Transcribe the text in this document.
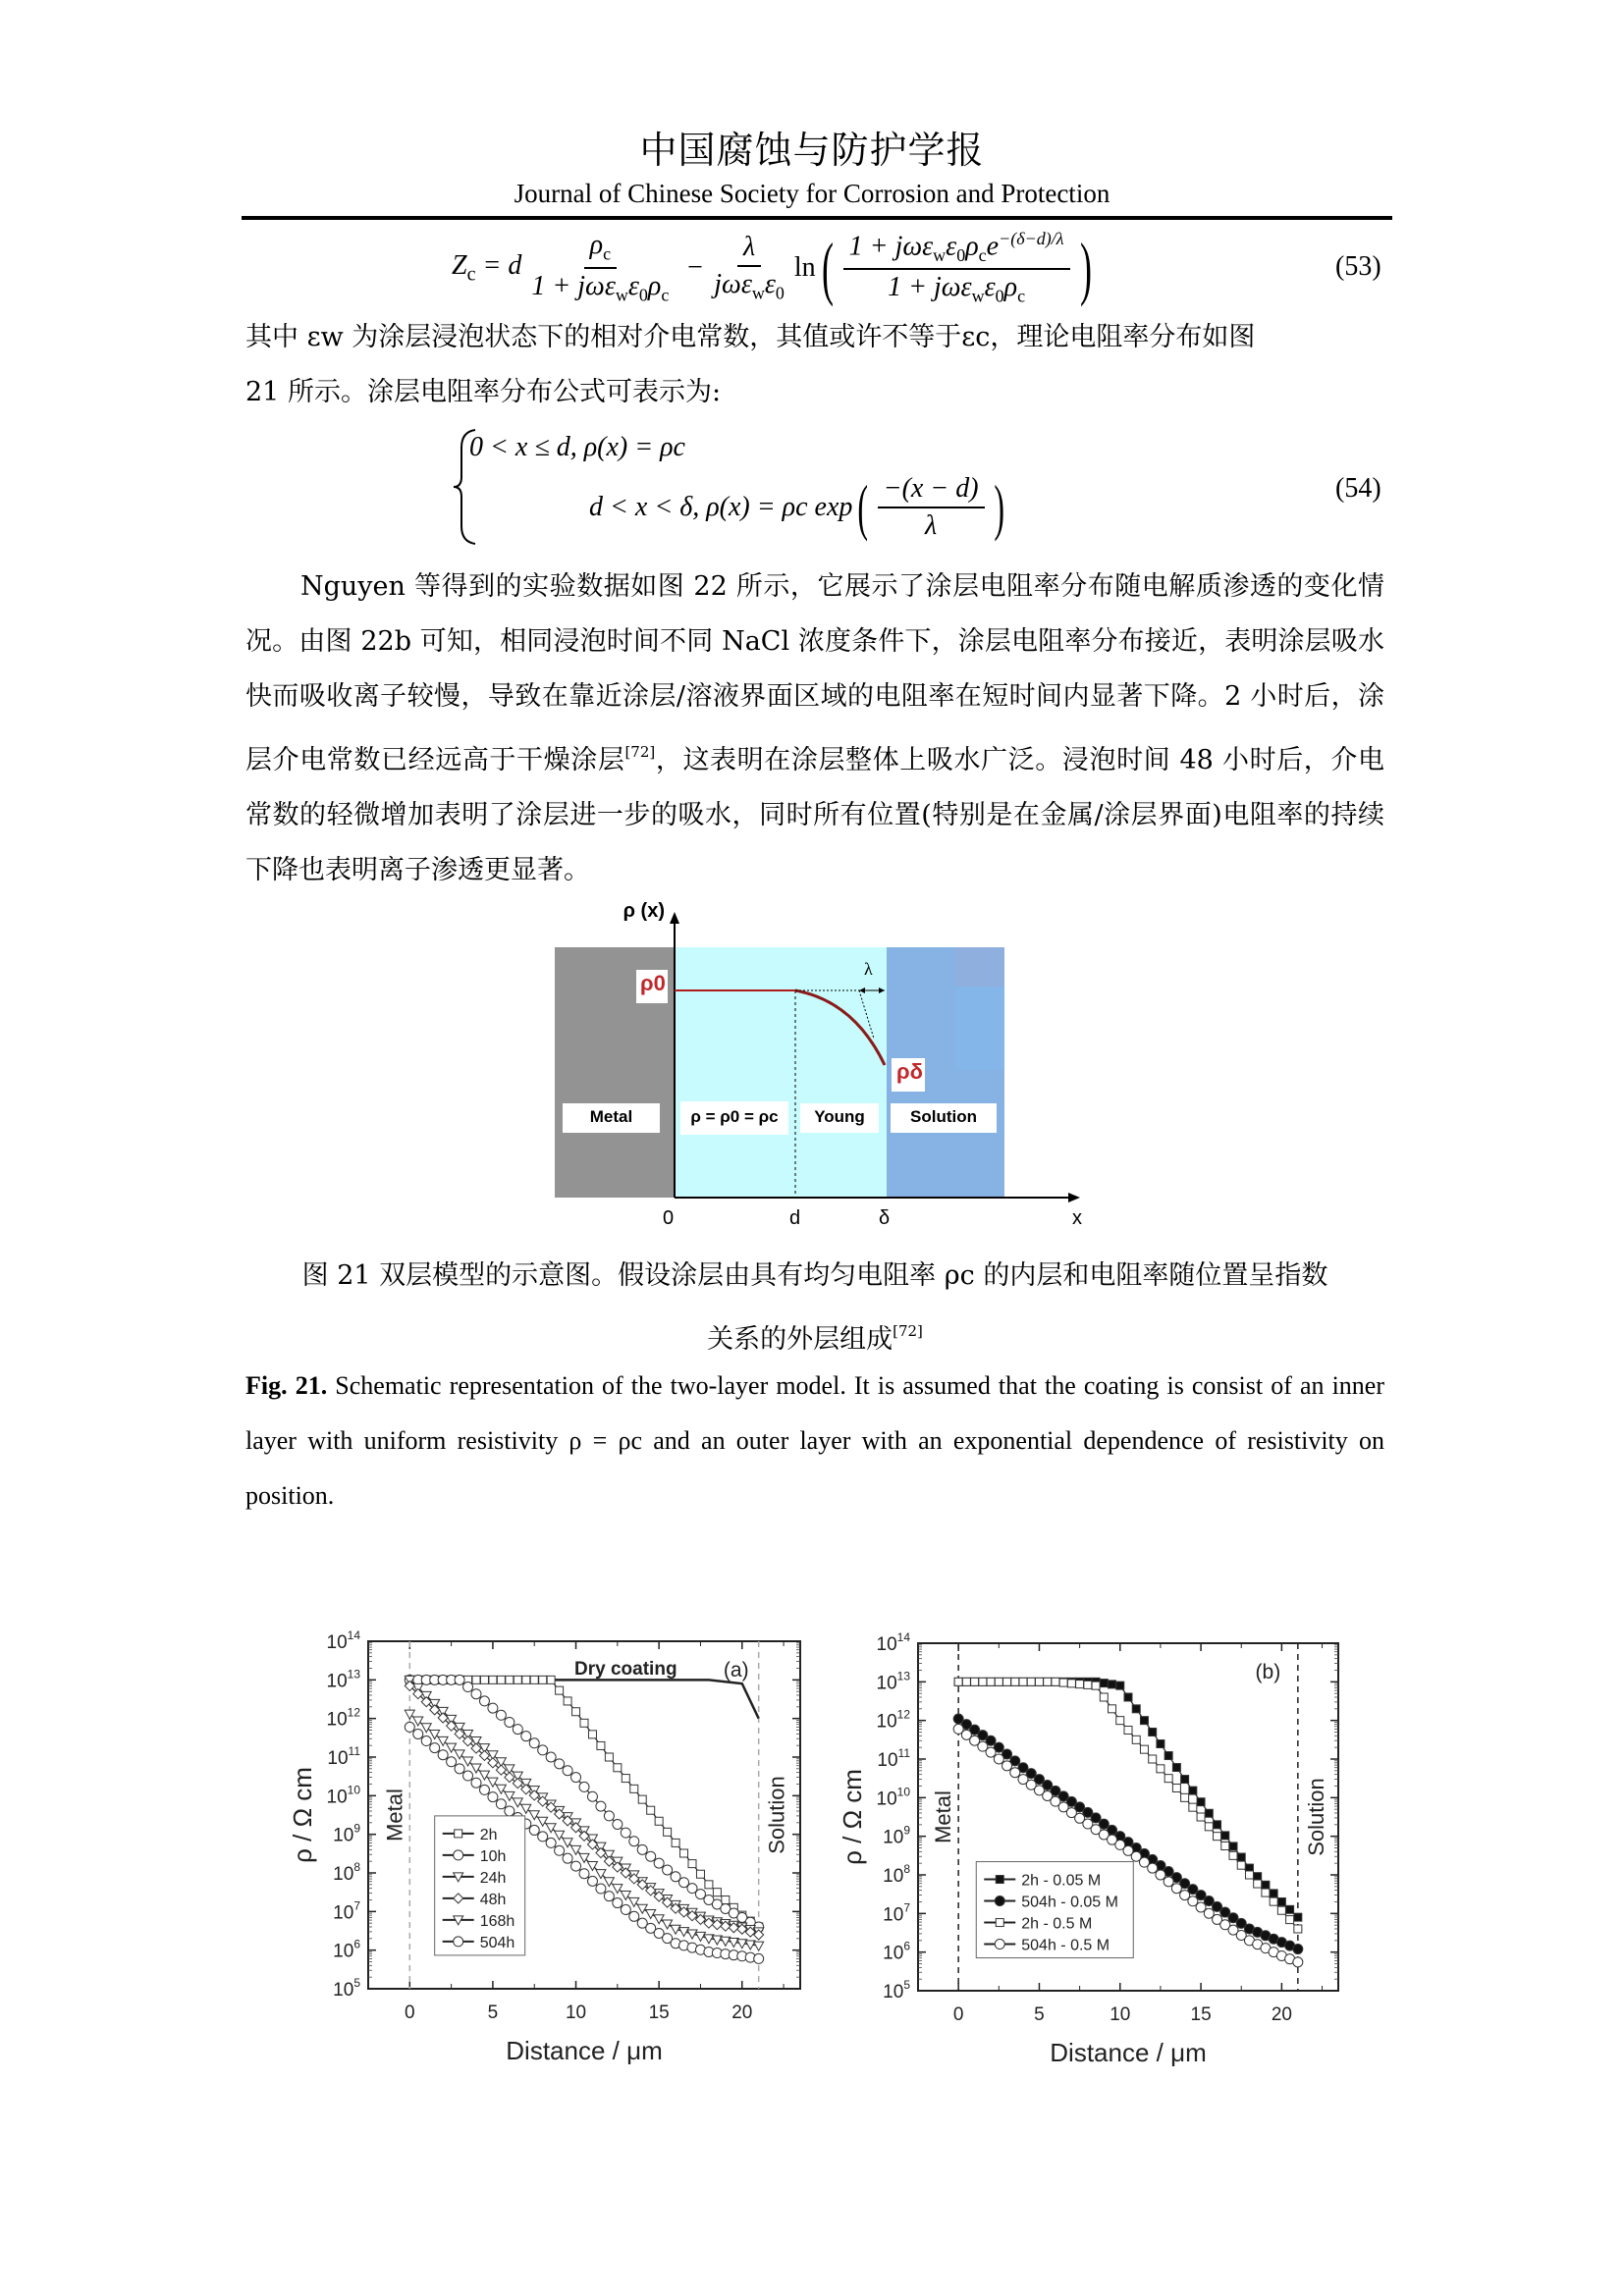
中国腐蚀与防护学报
Journal of Chinese Society for Corrosion and Protection
$Z_c = d \frac{\rho_c}{1 + j\omega\varepsilon_w\varepsilon_0\rho_c} - \frac{\lambda}{j\omega\varepsilon_w\varepsilon_0}$ ln ( $\frac{1 + j\omega\varepsilon_w\varepsilon_0\rho_ce^{-(\delta-d)/\lambda}}{1 + j\omega\varepsilon_w\varepsilon_0\rho_c}$ )	(53)
其中 εw 为涂层浸泡状态下的相对介电常数，其值或许不等于εc，理论电阻率分布如图
21 所示。涂层电阻率分布公式可表示为:
0 < x ≤ d, ρ(x) = ρc
d < x < δ, ρ(x) = ρc exp ( $\frac{-(x - d)}{\lambda}$ )	(54)
Nguyen 等得到的实验数据如图 22 所示，它展示了涂层电阻率分布随电解质渗透的变化情况。由图 22b 可知，相同浸泡时间不同 NaCl 浓度条件下，涂层电阻率分布接近，表明涂层吸水快而吸收离子较慢，导致在靠近涂层/溶液界面区域的电阻率在短时间内显著下降。2 小时后，涂层介电常数已经远高于干燥涂层[72]，这表明在涂层整体上吸水广泛。浸泡时间 48 小时后，介电常数的轻微增加表明了涂层进一步的吸水，同时所有位置(特别是在金属/涂层界面)电阻率的持续下降也表明离子渗透更显著。
ρ (x)
ρ0
ρδ
λ
Metal	ρ = ρ0 = ρc	Young	Solution
0	d	δ	x
图 21 双层模型的示意图。假设涂层由具有均匀电阻率 ρc 的内层和电阻率随位置呈指数
关系的外层组成[72]
Fig. 21. Schematic representation of the two-layer model. It is assumed that the coating is consist of an inner layer with uniform resistivity ρ = ρc and an outer layer with an exponential dependence of resistivity on position.
$10^5$
$10^6$
$10^7$
$10^8$
$10^9$
$10^{10}$
$10^{11}$
$10^{12}$
$10^{13}$
$10^{14}$
0	5	10	15	20
Distance / μm
ρ / Ω cm	Metal	Solution
(a)
Dry coating
2h
10h
24h
48h
168h
504h
$10^5$
$10^6$
$10^7$
$10^8$
$10^9$
$10^{10}$
$10^{11}$
$10^{12}$
$10^{13}$
$10^{14}$
0	5	10	15	20
Distance / μm
ρ / Ω cm	Metal	Solution
(b)
2h - 0.05 M
504h - 0.05 M
2h - 0.5 M
504h - 0.5 M
